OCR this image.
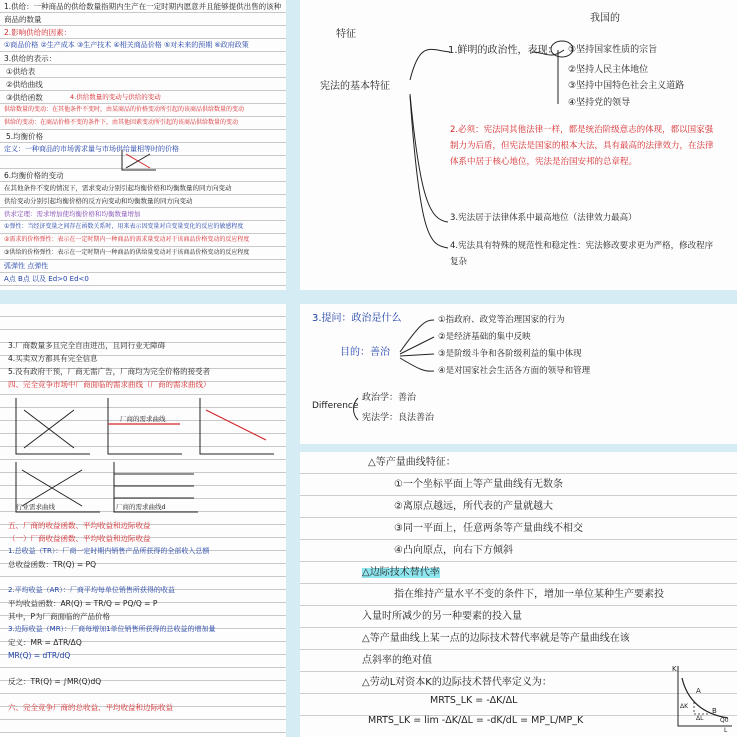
1.供给：一种商品的供给数量指期内生产在一定时期内愿意并且能够提供出售的该种
商品的数量
2.影响供给的因素：
①商品价格 ②生产成本 ③生产技术 ④相关商品价格 ⑤对未来的预期 ⑥政府政策
3.供给的表示：
①供给表
②供给曲线
③供给函数	4.供给数量的变动与供给的变动
供给数量的变动：在其他条件不变时，由某商品的价格变动所引起的该商品供给数量的变动
供给的变动：在商品价格不变的条件下，由其他因素变动所引起的该商品供给数量的变动
5.均衡价格
定义：一种商品的市场需求量与市场供给量相等时的价格
6.均衡价格的变动
在其他条件不变的情况下，需求变动分别引起均衡价格和均衡数量的同方向变动
供给变动分别引起均衡价格的反方向变动和均衡数量的同方向变动
供求定理：需求增加使均衡价格和均衡数量增加
①弹性：当经济变量之间存在函数关系时，用来表示因变量对自变量变化的反应的敏感程度
②需求的价格弹性：表示在一定时期内一种商品的需求量变动对于该商品价格变动的反应程度
③供给的价格弹性：表示在一定时期内一种商品的供给量变动对于该商品价格变动的反应程度
弧弹性 点弹性
A点 B点 以及 Ed>0 Ed<0
我国的
特征
宪法的基本特征
1.鲜明的政治性，表现： ①坚持国家性质的宗旨
②坚持人民主体地位
③坚持中国特色社会主义道路
④坚持党的领导
2.必须：宪法同其他法律一样，都是统治阶级意志的体现，都以国家强制力为后盾，但宪法是国家的根本大法，具有最高的法律效力，在法律体系中居于核心地位，宪法是治国安邦的总章程。
3.宪法居于法律体系中最高地位（法律效力最高）
4.宪法具有特殊的规范性和稳定性：宪法修改要求更为严格，修改程序复杂
3.提问：政治是什么
目的：善治
①指政府、政党等治理国家的行为
②是经济基础的集中反映
③是阶级斗争和各阶级利益的集中体现
④是对国家社会生活各方面的领导和管理
Difference
政治学：善治
宪法学：良法善治
3.厂商数量多且完全自由进出，且同行业无障碍
4.买卖双方都具有完全信息
5.没有政府干预，厂商无需广告，厂商均为完全价格的接受者
四、完全竞争市场中厂商面临的需求曲线（厂商的需求曲线）
五、厂商的收益函数、平均收益和边际收益
（一）厂商收益函数、平均收益和边际收益
1.总收益（TR）：厂商一定时期内销售产品所获得的全部收入总额
总收益函数：TR(Q) = PQ
2.平均收益（AR）：厂商平均每单位销售所获得的收益
平均收益函数：AR(Q) = TR/Q = PQ/Q = P
其中，P为厂商面临的产品价格
3.边际收益（MR）：厂商每增加1单位销售所获得的总收益的增加量
定义：MR = ΔTR/ΔQ
MR(Q) = dTR/dQ
反之：TR(Q) = ∫MR(Q)dQ
六、完全竞争厂商的总收益、平均收益和边际收益
厂商的需求曲线
行业需求曲线	厂商的需求曲线d
△等产量曲线特征：
①一个坐标平面上等产量曲线有无数条
②离原点越远，所代表的产量就越大
③同一平面上，任意两条等产量曲线不相交
④凸向原点，向右下方倾斜
△边际技术替代率
指在维持产量水平不变的条件下，增加一单位某种生产要素投
入量时所减少的另一种要素的投入量
△等产量曲线上某一点的边际技术替代率就是等产量曲线在该
点斜率的绝对值
△劳动L对资本K的边际技术替代率定义为：
MRTS_LK = -ΔK/ΔL
MRTS_LK = lim -ΔK/ΔL = -dK/dL = MP_L/MP_K
K
A
B
ΔK
ΔL	Q0
L
